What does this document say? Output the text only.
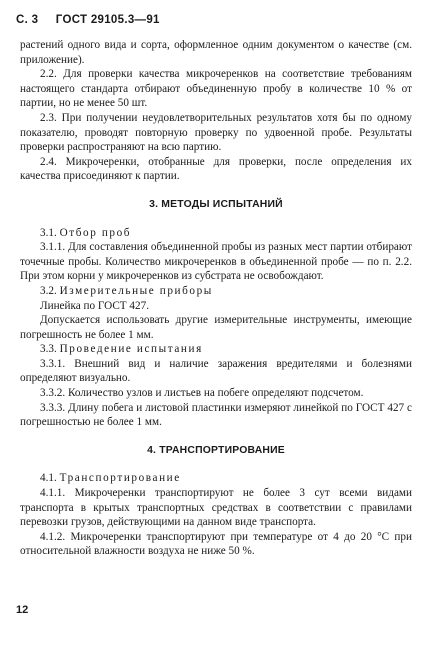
С. 3 ГОСТ 29105.3—91

растений одного вида и сорта, оформленное одним документом о качестве (см. приложение).

2.2. Для проверки качества микрочеренков на соответствие требованиям настоящего стандарта отбирают объединенную пробу в количестве 10 % от партии, но не менее 50 шт.

2.3. При получении неудовлетворительных результатов хотя бы по одному показателю, проводят повторную проверку по удвоенной пробе. Результаты проверки распространяют на всю партию.

2.4. Микрочеренки, отобранные для проверки, после определения их качества присоединяют к партии.

3. МЕТОДЫ ИСПЫТАНИЙ

3.1. Отбор проб

3.1.1. Для составления объединенной пробы из разных мест партии отбирают точечные пробы. Количество микрочеренков в объединенной пробе — по п. 2.2. При этом корни у микрочеренков из субстрата не освобождают.

3.2. Измерительные приборы

Линейка по ГОСТ 427.

Допускается использовать другие измерительные инструменты, имеющие погрешность не более 1 мм.

3.3. Проведение испытания

3.3.1. Внешний вид и наличие заражения вредителями и болезнями определяют визуально.

3.3.2. Количество узлов и листьев на побеге определяют подсчетом.

3.3.3. Длину побега и листовой пластинки измеряют линейкой по ГОСТ 427 с погрешностью не более 1 мм.

4. ТРАНСПОРТИРОВАНИЕ

4.1. Транспортирование

4.1.1. Микрочеренки транспортируют не более 3 сут всеми видами транспорта в крытых транспортных средствах в соответствии с правилами перевозки грузов, действующими на данном виде транспорта.

4.1.2. Микрочеренки транспортируют при температуре от 4 до 20 °С при относительной влажности воздуха не ниже 50 %.

12
